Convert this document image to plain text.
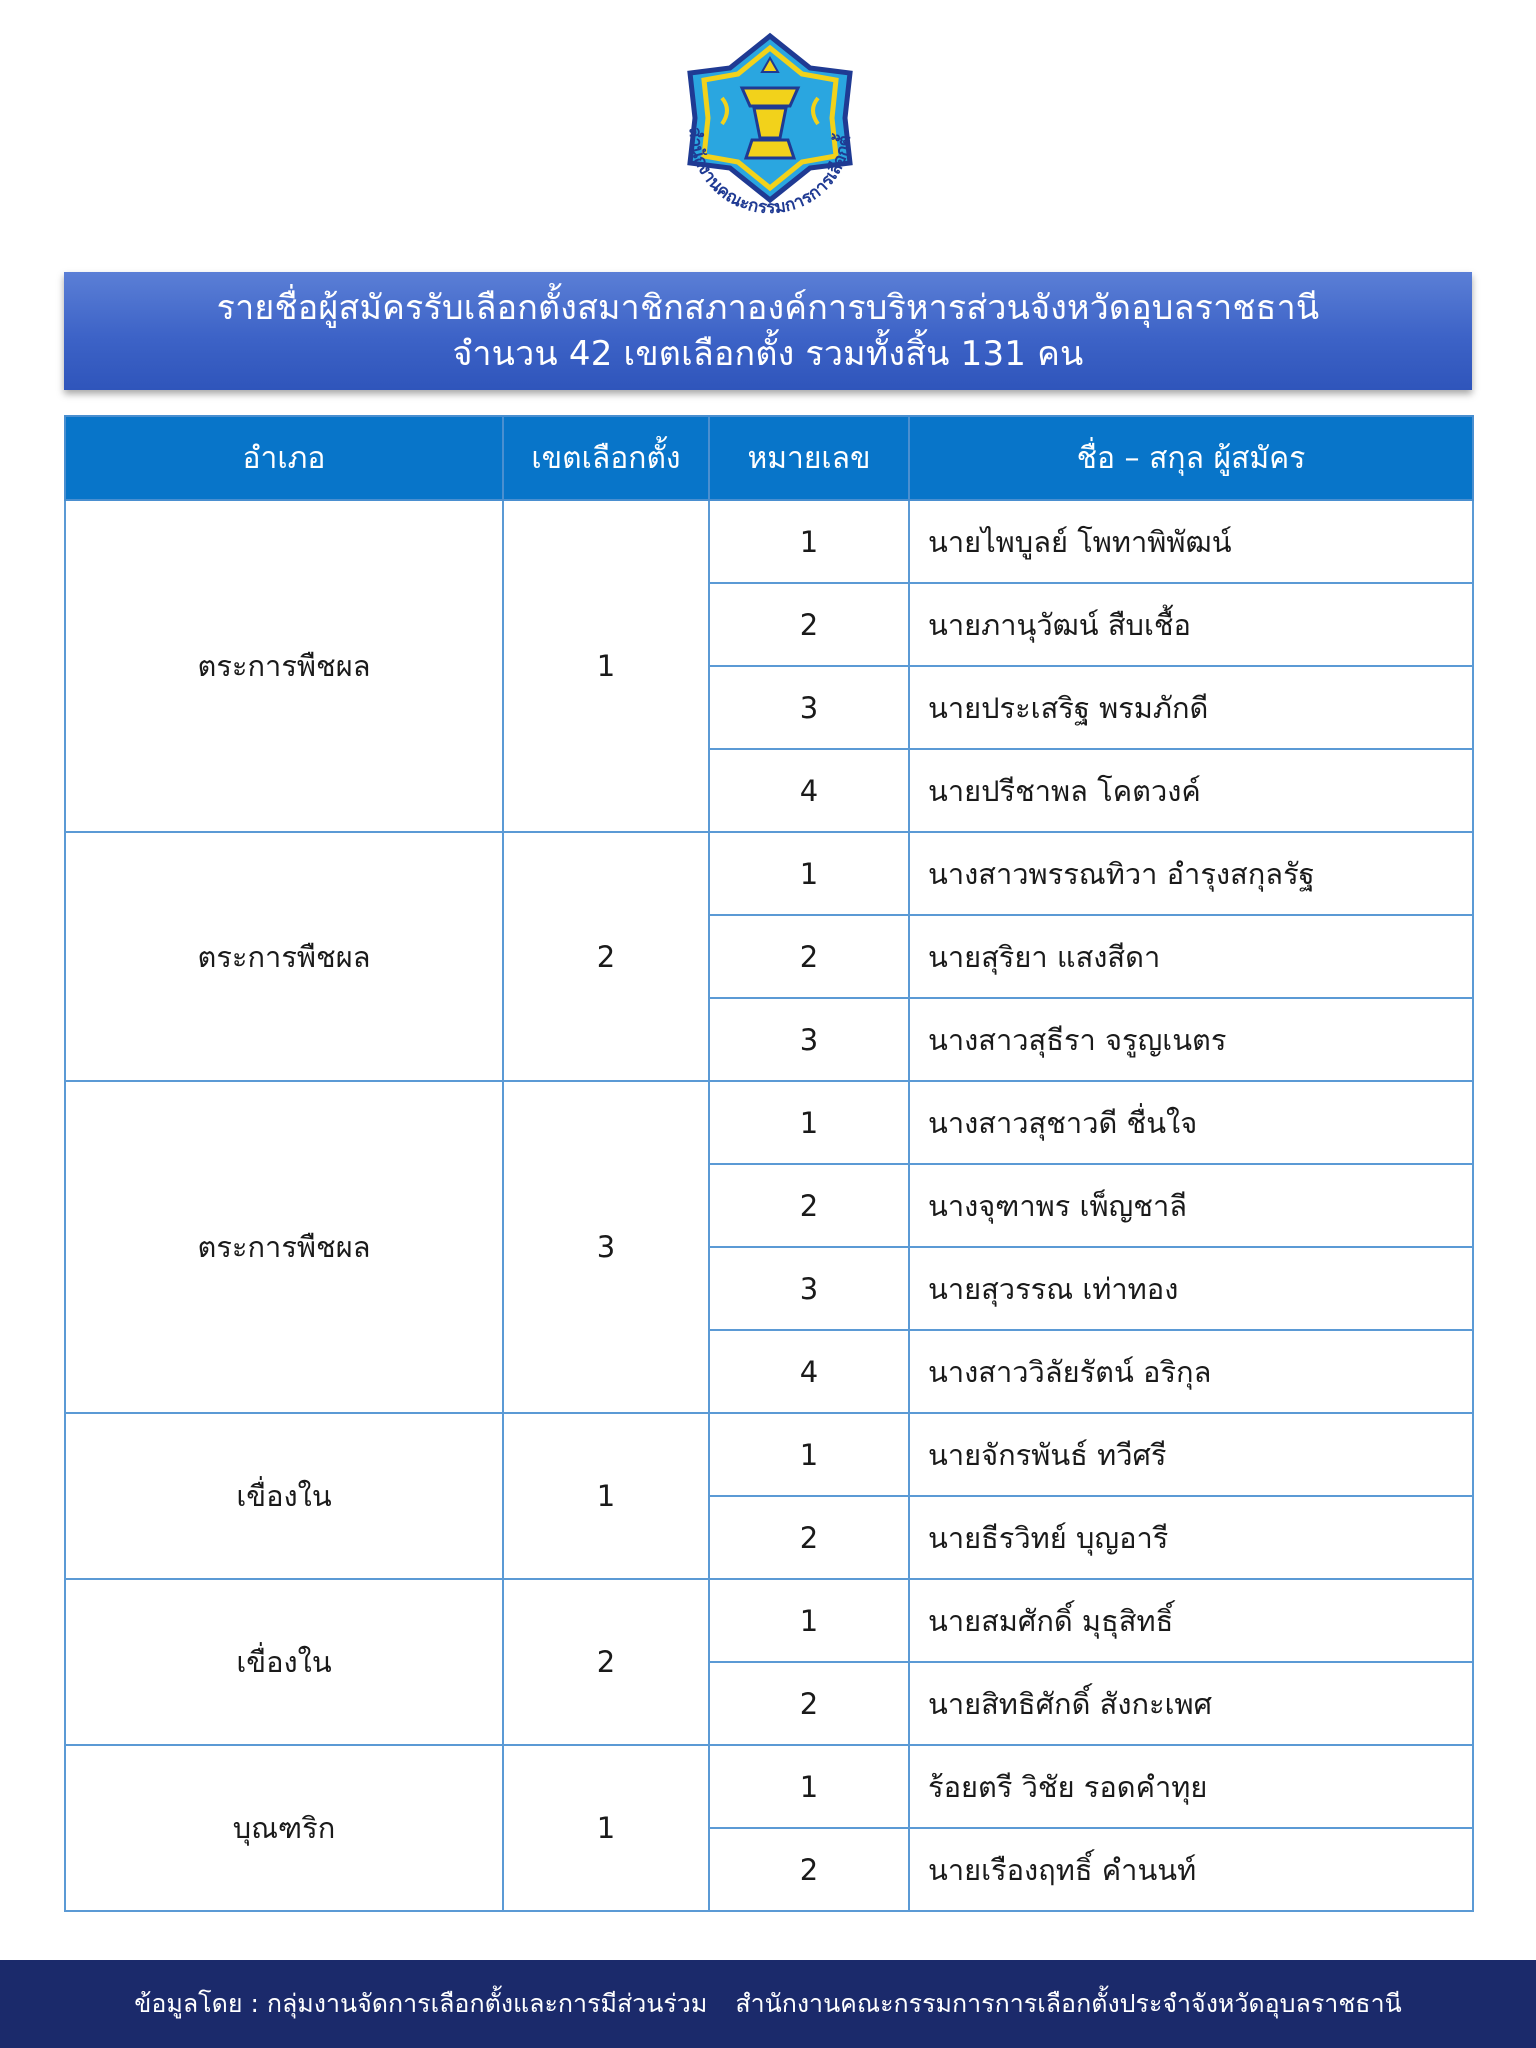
สำนักงานคณะกรรมการการเลือกตั้
รายชื่อผู้สมัครรับเลือกตั้งสมาชิกสภาองค์การบริหารส่วนจังหวัดอุบลราชธานี
จำนวน 42 เขตเลือกตั้ง รวมทั้งสิ้น 131 คน
อำเภอ	เขตเลือกตั้ง	หมายเลข	ชื่อ – สกุล ผู้สมัคร
ตระการพืชผล	1	1	นายไพบูลย์ โพทาพิพัฒน์
		2	นายภานุวัฒน์ สืบเชื้อ
		3	นายประเสริฐ พรมภักดี
		4	นายปรีชาพล โคตวงค์
ตระการพืชผล	2	1	นางสาวพรรณทิวา อำรุงสกุลรัฐ
		2	นายสุริยา แสงสีดา
		3	นางสาวสุธีรา จรูญเนตร
ตระการพืชผล	3	1	นางสาวสุชาวดี ชื่นใจ
		2	นางจุฑาพร เพ็ญชาลี
		3	นายสุวรรณ เท่าทอง
		4	นางสาววิลัยรัตน์ อริกุล
เขื่องใน	1	1	นายจักรพันธ์ ทวีศรี
		2	นายธีรวิทย์ บุญอารี
เขื่องใน	2	1	นายสมศักดิ์ มุธุสิทธิ์
		2	นายสิทธิศักดิ์ สังกะเพศ
บุณฑริก	1	1	ร้อยตรี วิชัย รอดคำทุย
		2	นายเรืองฤทธิ์ คำนนท์
ข้อมูลโดย : กลุ่มงานจัดการเลือกตั้งและการมีส่วนร่วม สำนักงานคณะกรรมการการเลือกตั้งประจำจังหวัดอุบลราชธานี
